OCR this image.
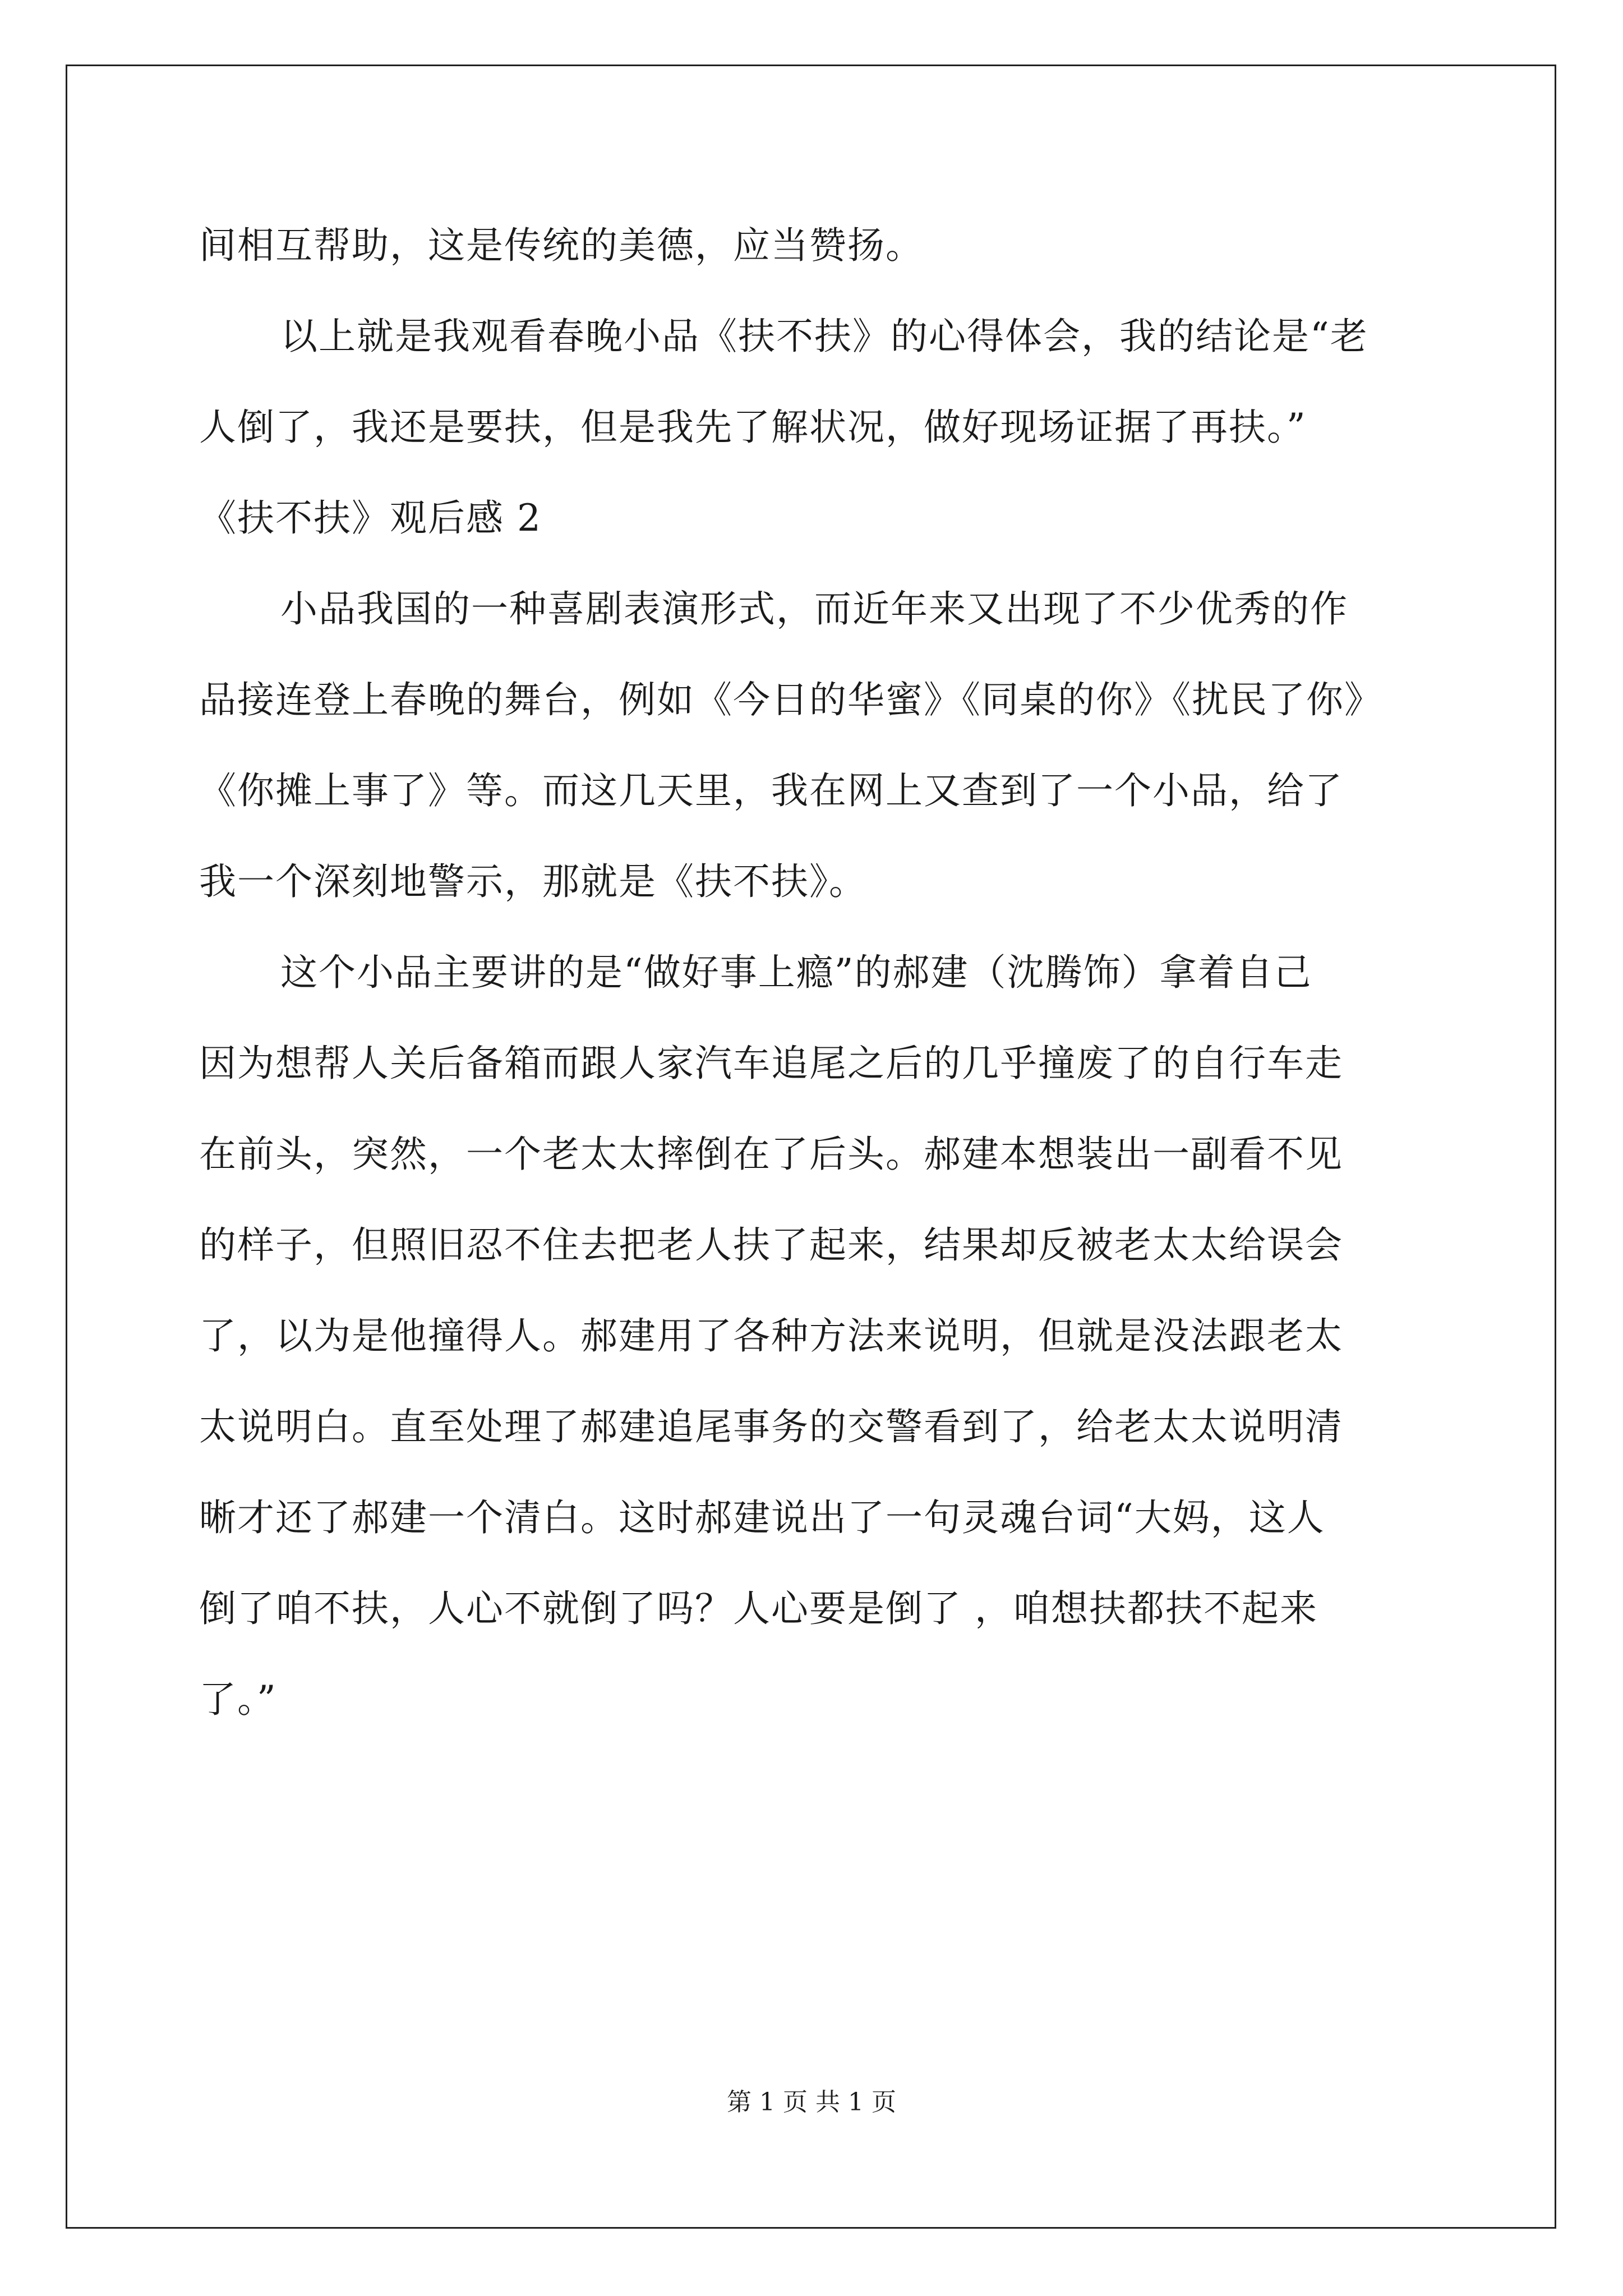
间相互帮助，这是传统的美德，应当赞扬。
以上就是我观看春晚小品《扶不扶》的心得体会，我的结论是“老
人倒了，我还是要扶，但是我先了解状况，做好现场证据了再扶。”
《扶不扶》观后感 2
小品我国的一种喜剧表演形式，而近年来又出现了不少优秀的作
品接连登上春晚的舞台，例如《今日的华蜜》《同桌的你》《扰民了你》
《你摊上事了》等。而这几天里，我在网上又查到了一个小品，给了
我一个深刻地警示，那就是《扶不扶》。
这个小品主要讲的是“做好事上瘾”的郝建（沈腾饰）拿着自己
因为想帮人关后备箱而跟人家汽车追尾之后的几乎撞废了的自行车走
在前头，突然，一个老太太摔倒在了后头。郝建本想装出一副看不见
的样子，但照旧忍不住去把老人扶了起来，结果却反被老太太给误会
了，以为是他撞得人。郝建用了各种方法来说明，但就是没法跟老太
太说明白。直至处理了郝建追尾事务的交警看到了，给老太太说明清
晰才还了郝建一个清白。这时郝建说出了一句灵魂台词“大妈，这人
倒了咱不扶，人心不就倒了吗？人心要是倒了 ，咱想扶都扶不起来
了。”
第 1 页 共 1 页
